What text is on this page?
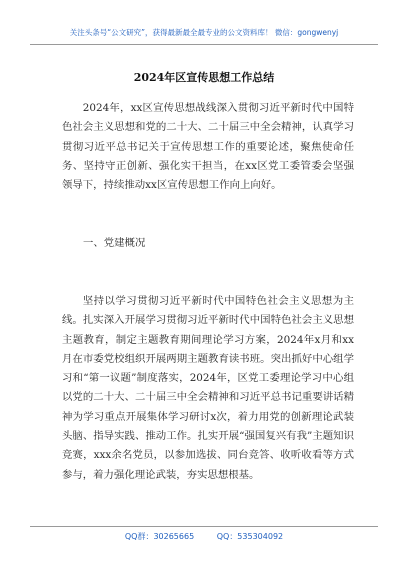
关注头条号“公文研究”，获得最新最全最专业的公文资料库！ 微信：gongwenyj
2024年区宣传思想工作总结

2024年，xx区宣传思想战线深入贯彻习近平新时代中国特色社会主义思想和党的二十大、二十届三中全会精神，认真学习贯彻习近平总书记关于宣传思想工作的重要论述，聚焦使命任务、坚持守正创新、强化实干担当，在xx区党工委管委会坚强领导下，持续推动xx区宣传思想工作向上向好。

一、党建概况

坚持以学习贯彻习近平新时代中国特色社会主义思想为主线。扎实深入开展学习贯彻习近平新时代中国特色社会主义思想主题教育，制定主题教育期间理论学习方案，2024年x月和xx月在市委党校组织开展两期主题教育读书班。突出抓好中心组学习和“第一议题”制度落实，2024年，区党工委理论学习中心组以党的二十大、二十届三中全会精神和习近平总书记重要讲话精神为学习重点开展集体学习研讨x次，着力用党的创新理论武装头脑、指导实践、推动工作。扎实开展“强国复兴有我”主题知识竞赛，xxx余名党员，以参加选拔、同台竞答、收听收看等方式参与，着力强化理论武装，夯实思想根基。

QQ群：30265665	QQ：535304092
